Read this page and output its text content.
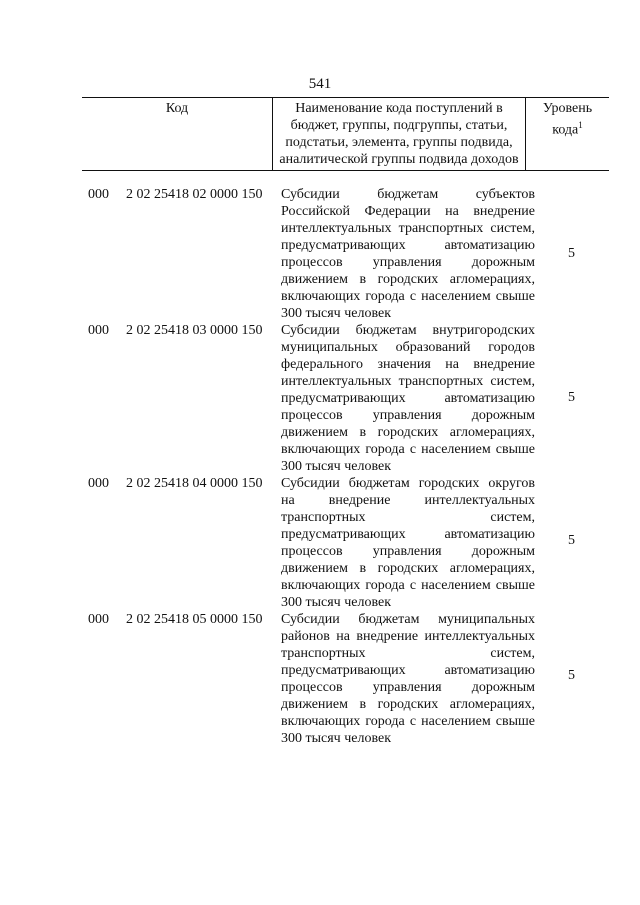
541
Код	Наименование кода поступлений в бюджет, группы, подгруппы, статьи, подстатьи, элемента, группы подвида, аналитической группы подвида доходов
Уровень кода$^1$
000 2 02 25418 02 0000 150 Субсидии бюджетам субъектов Российской Федерации на внедрение интеллектуальных транспортных систем, предусматривающих автоматизацию процессов управления дорожным движением в городских агломерациях, включающих города с населением свыше 300 тысяч человек
5
000 2 02 25418 03 0000 150 Субсидии бюджетам внутригородских муниципальных образований городов федерального значения на внедрение интеллектуальных транспортных систем, предусматривающих автоматизацию процессов управления дорожным движением в городских агломерациях, включающих города с населением свыше 300 тысяч человек
5
000 2 02 25418 04 0000 150 Субсидии бюджетам городских округов на внедрение интеллектуальных транспортных систем, предусматривающих автоматизацию процессов управления дорожным движением в городских агломерациях, включающих города с населением свыше 300 тысяч человек
5
000 2 02 25418 05 0000 150 Субсидии бюджетам муниципальных районов на внедрение интеллектуальных транспортных систем, предусматривающих автоматизацию процессов управления дорожным движением в городских агломерациях, включающих города с населением свыше 300 тысяч человек
5
